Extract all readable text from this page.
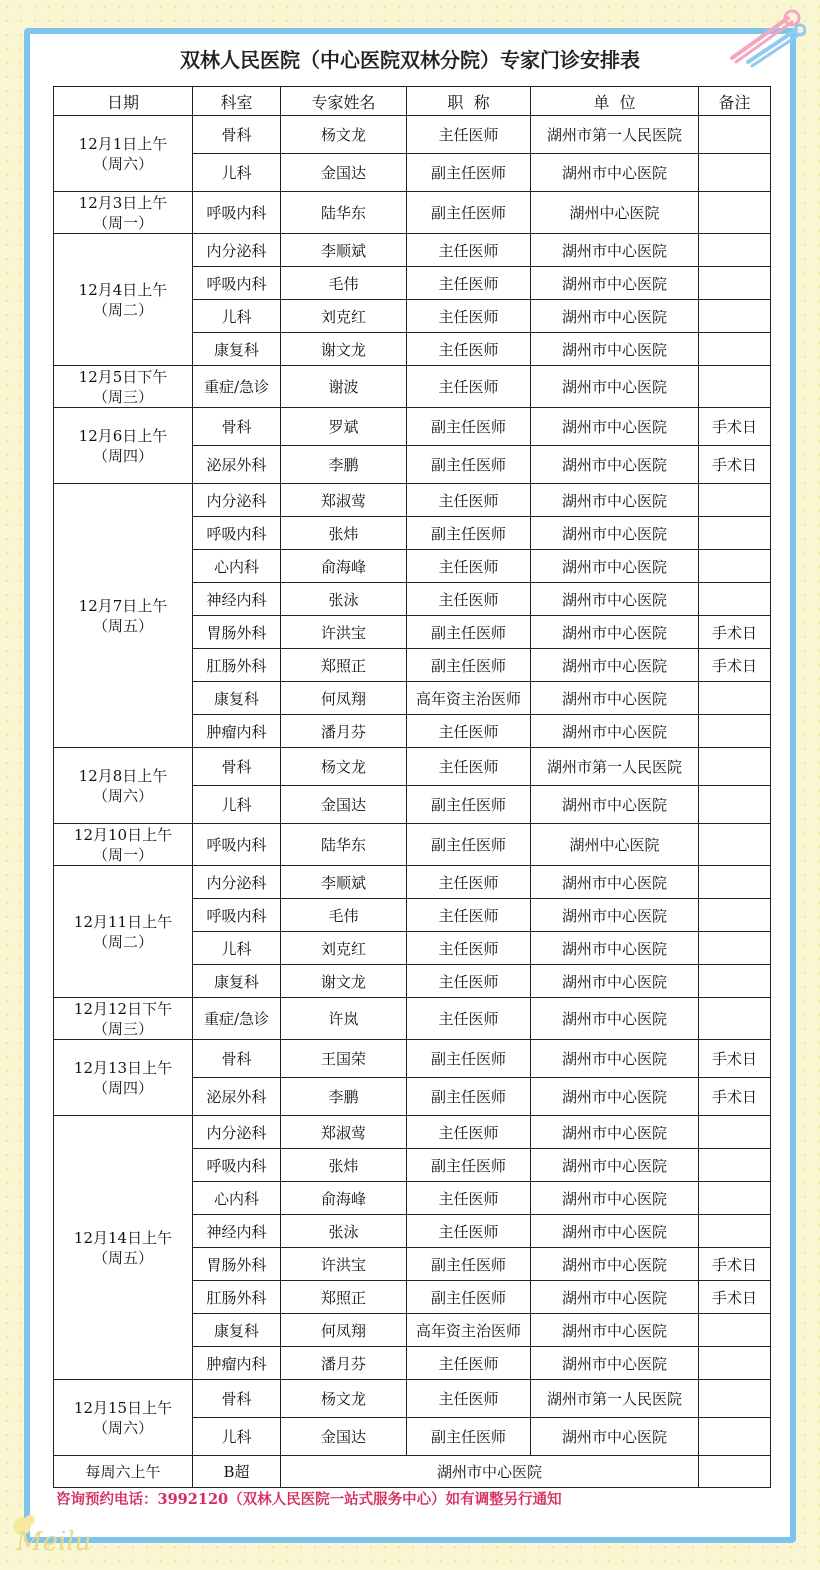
双林人民医院（中心医院双林分院）专家门诊安排表
日期	科室	专家姓名	职  称	单  位	备注

12月1日上午
（周六）	骨科	杨文龙	主任医师	湖州市第一人民医院	
	儿科	金国达	副主任医师	湖州市中心医院	

12月3日上午
（周一）	呼吸内科	陆华东	副主任医师	湖州中心医院	

12月4日上午
（周二）	内分泌科	李顺斌	主任医师	湖州市中心医院	
	呼吸内科	毛伟	主任医师	湖州市中心医院	
	儿科	刘克红	主任医师	湖州市中心医院	
	康复科	谢文龙	主任医师	湖州市中心医院	

12月5日下午
（周三）	重症/急诊	谢波	主任医师	湖州市中心医院	

12月6日上午
（周四）	骨科	罗斌	副主任医师	湖州市中心医院	手术日
	泌尿外科	李鹏	副主任医师	湖州市中心医院	手术日

12月7日上午
（周五）	内分泌科	郑淑莺	主任医师	湖州市中心医院	
	呼吸内科	张炜	副主任医师	湖州市中心医院	
	心内科	俞海峰	主任医师	湖州市中心医院	
	神经内科	张泳	主任医师	湖州市中心医院	
	胃肠外科	许洪宝	副主任医师	湖州市中心医院	手术日
	肛肠外科	郑照正	副主任医师	湖州市中心医院	手术日
	康复科	何凤翔	高年资主治医师	湖州市中心医院	
	肿瘤内科	潘月芬	主任医师	湖州市中心医院	

12月8日上午
（周六）	骨科	杨文龙	主任医师	湖州市第一人民医院	
	儿科	金国达	副主任医师	湖州市中心医院	

12月10日上午
（周一）	呼吸内科	陆华东	副主任医师	湖州中心医院	

12月11日上午
（周二）	内分泌科	李顺斌	主任医师	湖州市中心医院	
	呼吸内科	毛伟	主任医师	湖州市中心医院	
	儿科	刘克红	主任医师	湖州市中心医院	
	康复科	谢文龙	主任医师	湖州市中心医院	

12月12日下午
（周三）	重症/急诊	许岚	主任医师	湖州市中心医院	

12月13日上午
（周四）	骨科	王国荣	副主任医师	湖州市中心医院	手术日
	泌尿外科	李鹏	副主任医师	湖州市中心医院	手术日

12月14日上午
（周五）	内分泌科	郑淑莺	主任医师	湖州市中心医院	
	呼吸内科	张炜	副主任医师	湖州市中心医院	
	心内科	俞海峰	主任医师	湖州市中心医院	
	神经内科	张泳	主任医师	湖州市中心医院	
	胃肠外科	许洪宝	副主任医师	湖州市中心医院	手术日
	肛肠外科	郑照正	副主任医师	湖州市中心医院	手术日
	康复科	何凤翔	高年资主治医师	湖州市中心医院	
	肿瘤内科	潘月芬	主任医师	湖州市中心医院	

12月15日上午
（周六）	骨科	杨文龙	主任医师	湖州市第一人民医院	
	儿科	金国达	副主任医师	湖州市中心医院	
每周六上午	B超	湖州市中心医院			
咨询预约电话：3992120（双林人民医院一站式服务中心）如有调整另行通知
Meilu
